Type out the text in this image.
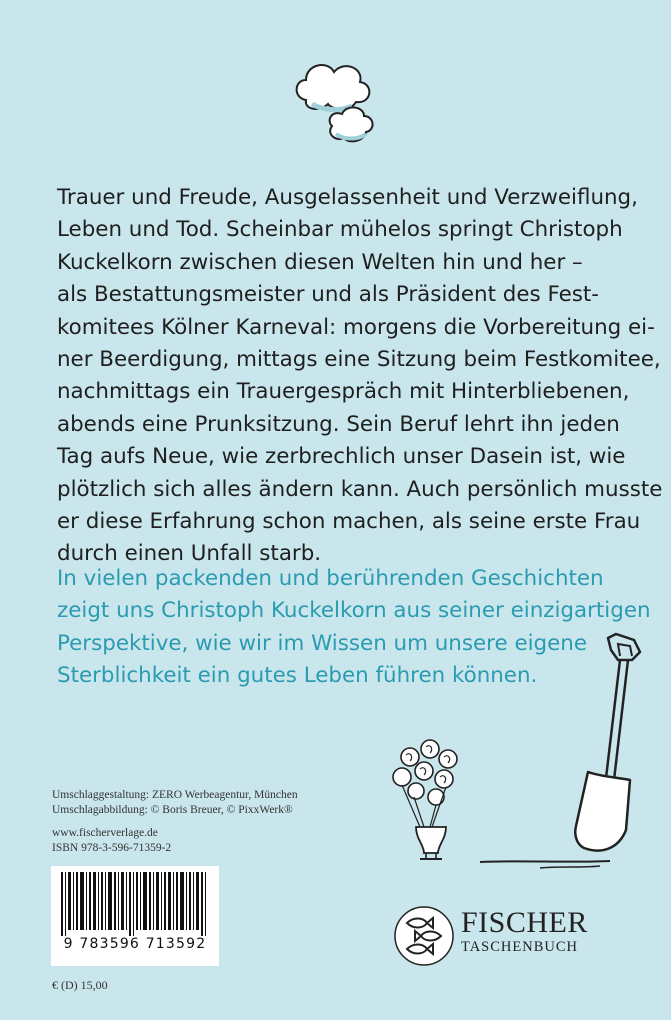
Trauer und Freude, Ausgelassenheit und Verzweiflung,
Leben und Tod. Scheinbar mühelos springt Christoph
Kuckelkorn zwischen diesen Welten hin und her –
als Bestattungsmeister und als Präsident des Fest-
komitees Kölner Karneval: morgens die Vorbereitung ei-
ner Beerdigung, mittags eine Sitzung beim Festkomitee,
nachmittags ein Trauergespräch mit Hinterbliebenen,
abends eine Prunksitzung. Sein Beruf lehrt ihn jeden
Tag aufs Neue, wie zerbrechlich unser Dasein ist, wie
plötzlich sich alles ändern kann. Auch persönlich musste
er diese Erfahrung schon machen, als seine erste Frau
durch einen Unfall starb.

In vielen packenden und berührenden Geschichten
zeigt uns Christoph Kuckelkorn aus seiner einzigartigen
Perspektive, wie wir im Wissen um unsere eigene
Sterblichkeit ein gutes Leben führen können.

Umschlaggestaltung: ZERO Werbeagentur, München
Umschlagabbildung: © Boris Breuer, © PixxWerk®
www.fischerverlage.de
ISBN 978-3-596-71359-2
9 783596 713592
€ (D) 15,00
FISCHER
TASCHENBUCH
